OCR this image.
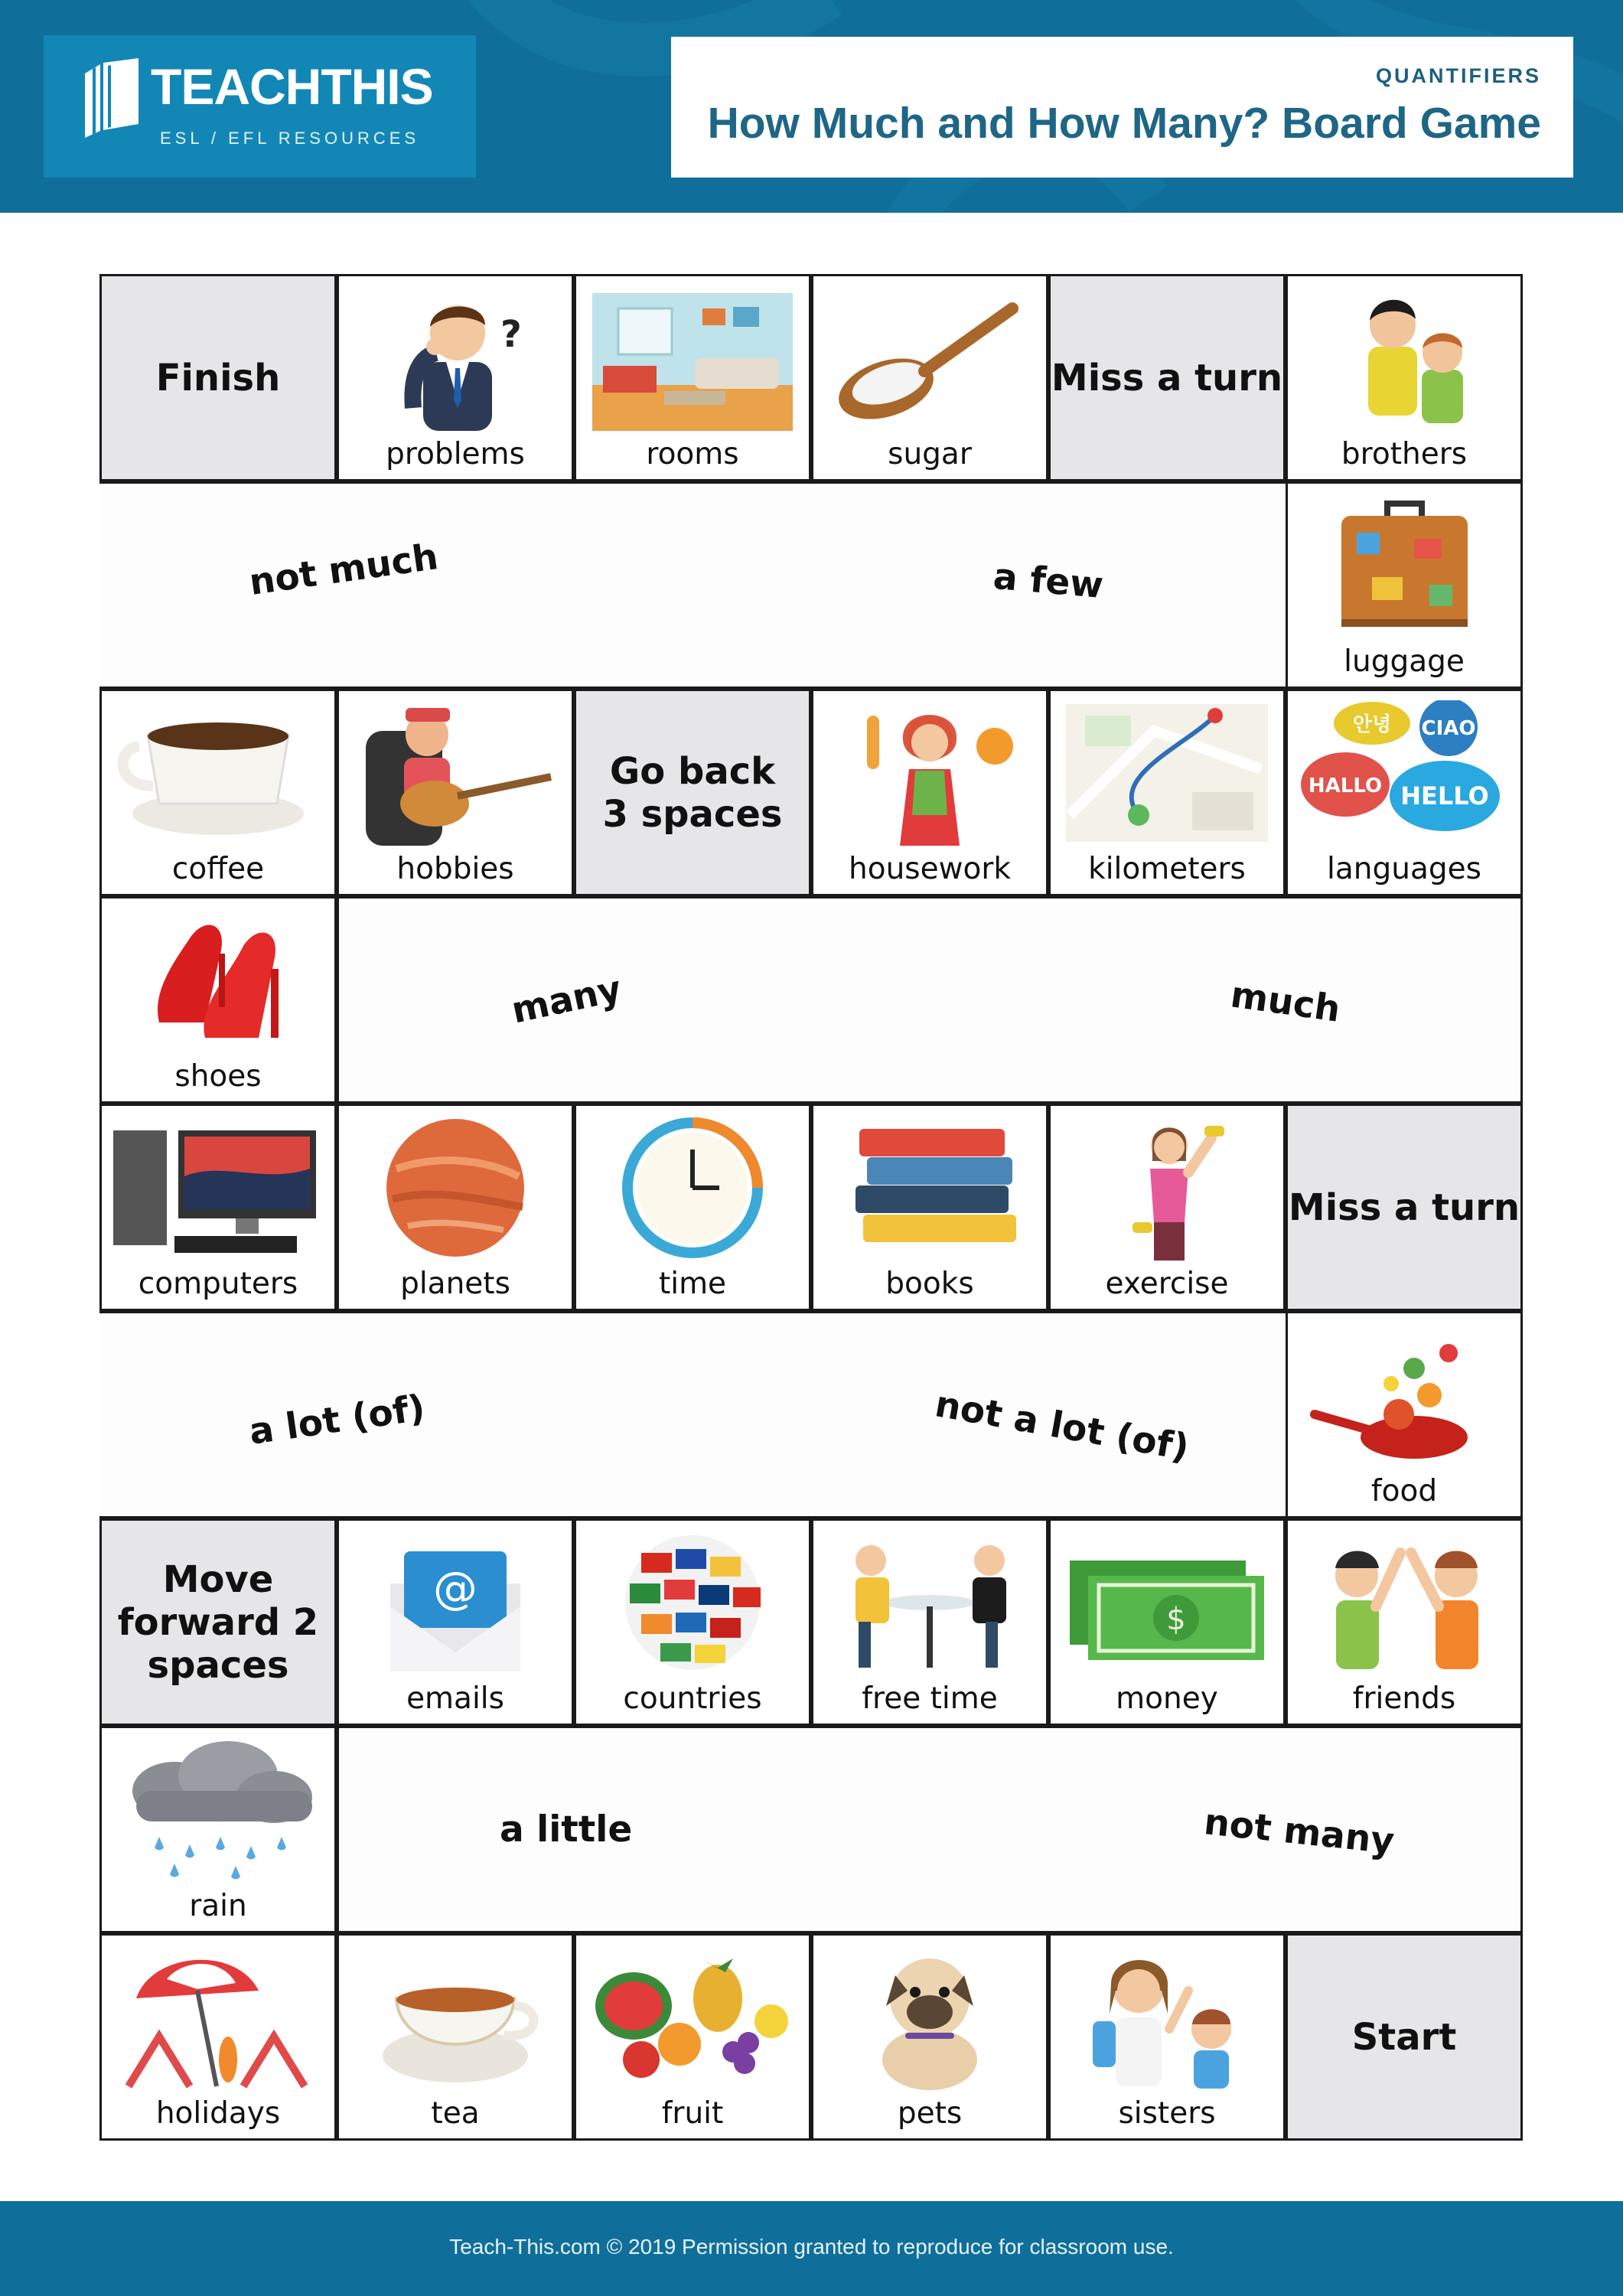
TEACHTHIS
ESL / EFL RESOURCES
QUANTIFIERS
How Much and How Many? Board Game
Finish
?
problems	rooms	sugar
Miss a turn
brothers
not much	a few
luggage
coffee	hobbies
Go back 3 spaces
housework	kilometers
안녕 CIAO
HALLO HELLO
languages
shoes
many	much
computers	planets	time	books	exercise
Miss a turn
a lot (of)	not a lot (of)
food
Move forward 2 spaces
@
emails	countries	free time
$
money	friends
rain
a little	not many
holidays	tea	fruit	pets	sisters
Start
Teach-This.com © 2019 Permission granted to reproduce for classroom use.
